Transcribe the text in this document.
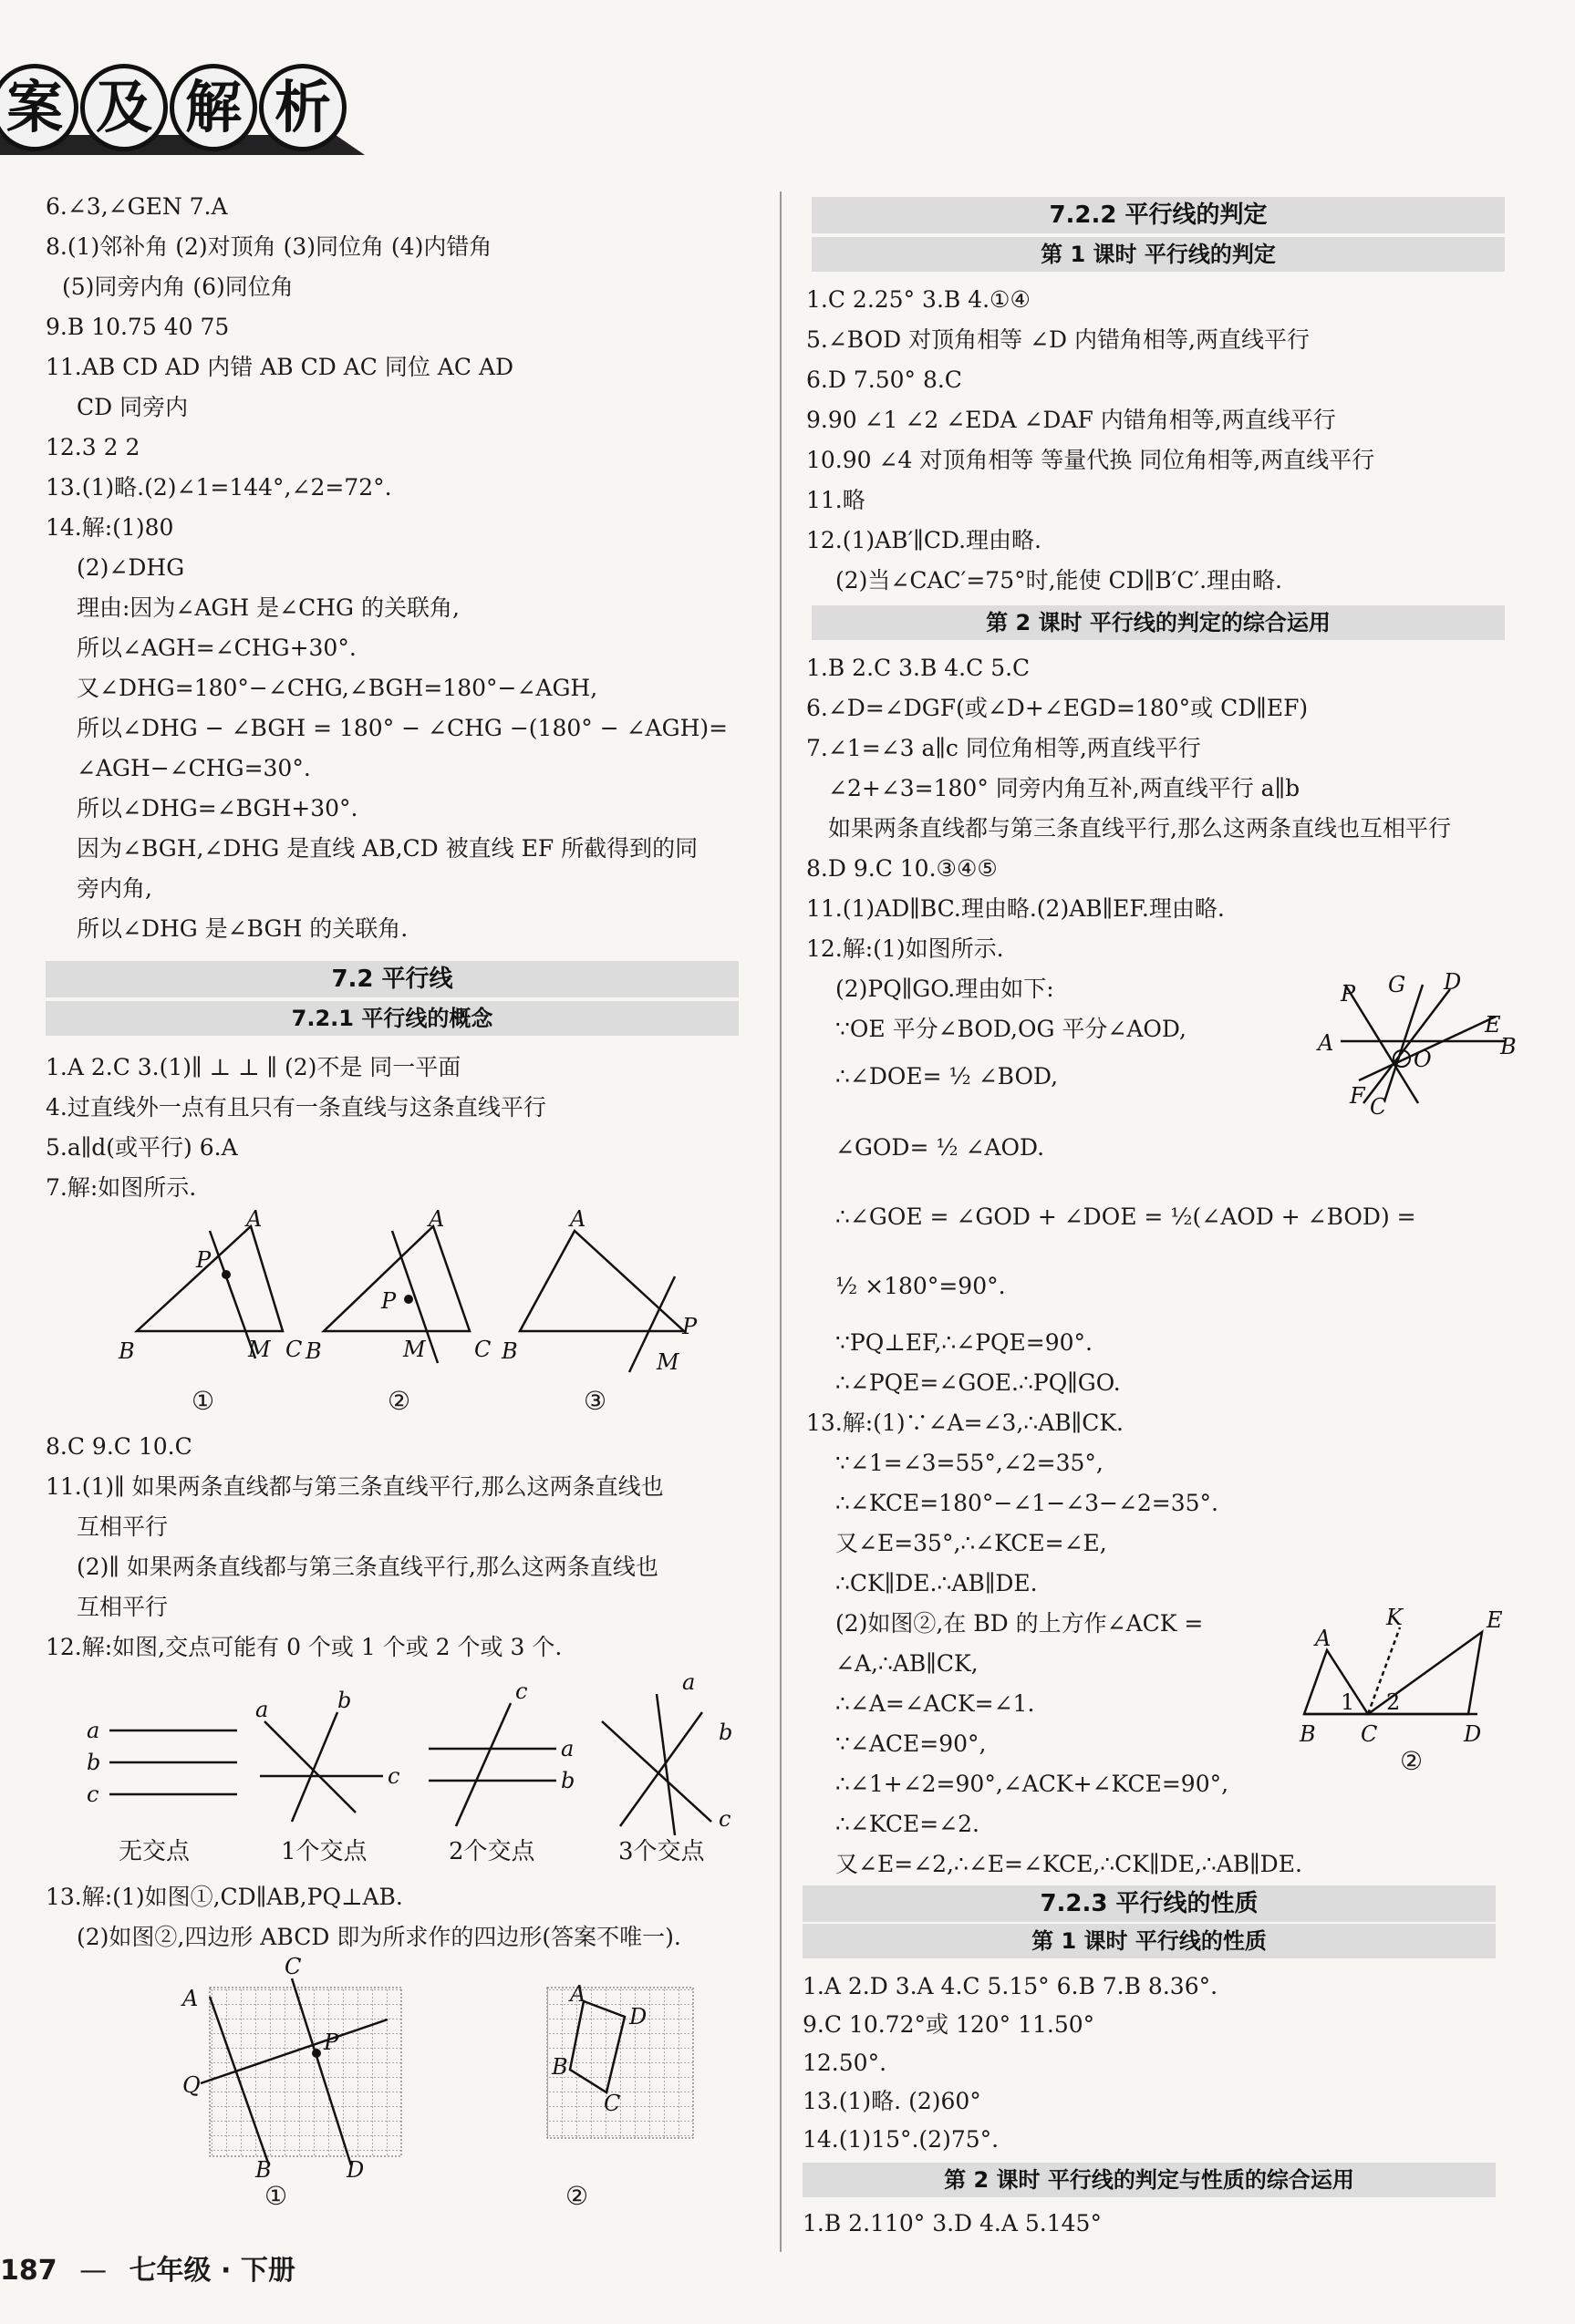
案 及 解 析
6.∠3,∠GEN 7.A
8.(1)邻补角 (2)对顶角 (3)同位角 (4)内错角
(5)同旁内角 (6)同位角
9.B 10.75 40 75
11.AB CD AD 内错 AB CD AC 同位 AC AD
CD 同旁内
12.3 2 2
13.(1)略.(2)∠1=144°,∠2=72°.
14.解:(1)80
(2)∠DHG
理由:因为∠AGH 是∠CHG 的关联角,
所以∠AGH=∠CHG+30°.
又∠DHG=180°−∠CHG,∠BGH=180°−∠AGH,
所以∠DHG − ∠BGH = 180° − ∠CHG −(180° − ∠AGH)=
∠AGH−∠CHG=30°.
所以∠DHG=∠BGH+30°.
因为∠BGH,∠DHG 是直线 AB,CD 被直线 EF 所截得到的同
旁内角,
所以∠DHG 是∠BGH 的关联角.
7.2 平行线
7.2.1 平行线的概念
1.A 2.C 3.(1)∥ ⊥ ⊥ ∥ (2)不是 同一平面
4.过直线外一点有且只有一条直线与这条直线平行
5.a∥d(或平行) 6.A
7.解:如图所示.
B
A
P
M C B
A
P
M C B
A
P
M
①	②	③
8.C 9.C 10.C
11.(1)∥ 如果两条直线都与第三条直线平行,那么这两条直线也
互相平行
(2)∥ 如果两条直线都与第三条直线平行,那么这两条直线也
互相平行
12.解:如图,交点可能有 0 个或 1 个或 2 个或 3 个.
a
b
c
a	b
c
c
a
b
a
b
c
无交点	1个交点	2个交点	3个交点
13.解:(1)如图①,CD∥AB,PQ⊥AB.
(2)如图②,四边形 ABCD 即为所求作的四边形(答案不唯一).
C
A
P
Q
B	D
A
D
B
C
①	②
7.2.2 平行线的判定
第 1 课时 平行线的判定
1.C 2.25° 3.B 4.①④
5.∠BOD 对顶角相等 ∠D 内错角相等,两直线平行
6.D 7.50° 8.C
9.90 ∠1 ∠2 ∠EDA ∠DAF 内错角相等,两直线平行
10.90 ∠4 对顶角相等 等量代换 同位角相等,两直线平行
11.略
12.(1)AB′∥CD.理由略.
(2)当∠CAC′=75°时,能使 CD∥B′C′.理由略.
第 2 课时 平行线的判定的综合运用
1.B 2.C 3.B 4.C 5.C
6.∠D=∠DGF(或∠D+∠EGD=180°或 CD∥EF)
7.∠1=∠3 a∥c 同位角相等,两直线平行
∠2+∠3=180° 同旁内角互补,两直线平行 a∥b
如果两条直线都与第三条直线平行,那么这两条直线也互相平行
8.D 9.C 10.③④⑤
11.(1)AD∥BC.理由略.(2)AB∥EF.理由略.
12.解:(1)如图所示.
(2)PQ∥GO.理由如下:
∵OE 平分∠BOD,OG 平分∠AOD,
∴∠DOE= ½ ∠BOD,
∠GOD= ½ ∠AOD.
∴∠GOE = ∠GOD + ∠DOE = ½(∠AOD + ∠BOD) =
½ ×180°=90°.
∵PQ⊥EF,∴∠PQE=90°.
∴∠PQE=∠GOE.∴PQ∥GO.
13.解:(1)∵∠A=∠3,∴AB∥CK.
∵∠1=∠3=55°,∠2=35°,
∴∠KCE=180°−∠1−∠3−∠2=35°.
又∠E=35°,∴∠KCE=∠E,
∴CK∥DE.∴AB∥DE.
(2)如图②,在 BD 的上方作∠ACK =
∠A,∴AB∥CK,
∴∠A=∠ACK=∠1.
∵∠ACE=90°,
∴∠1+∠2=90°,∠ACK+∠KCE=90°,
∴∠KCE=∠2.
又∠E=∠2,∴∠E=∠KCE,∴CK∥DE,∴AB∥DE.
P G D
A
E
B
O
F C
A
K	E
1 2
B C	D
②
7.2.3 平行线的性质
第 1 课时 平行线的性质
1.A 2.D 3.A 4.C 5.15° 6.B 7.B 8.36°.
9.C 10.72°或 120° 11.50°
12.50°.
13.(1)略. (2)60°
14.(1)15°.(2)75°.
第 2 课时 平行线的判定与性质的综合运用
1.B 2.110° 3.D 4.A 5.145°
187 — 七年级 · 下册
